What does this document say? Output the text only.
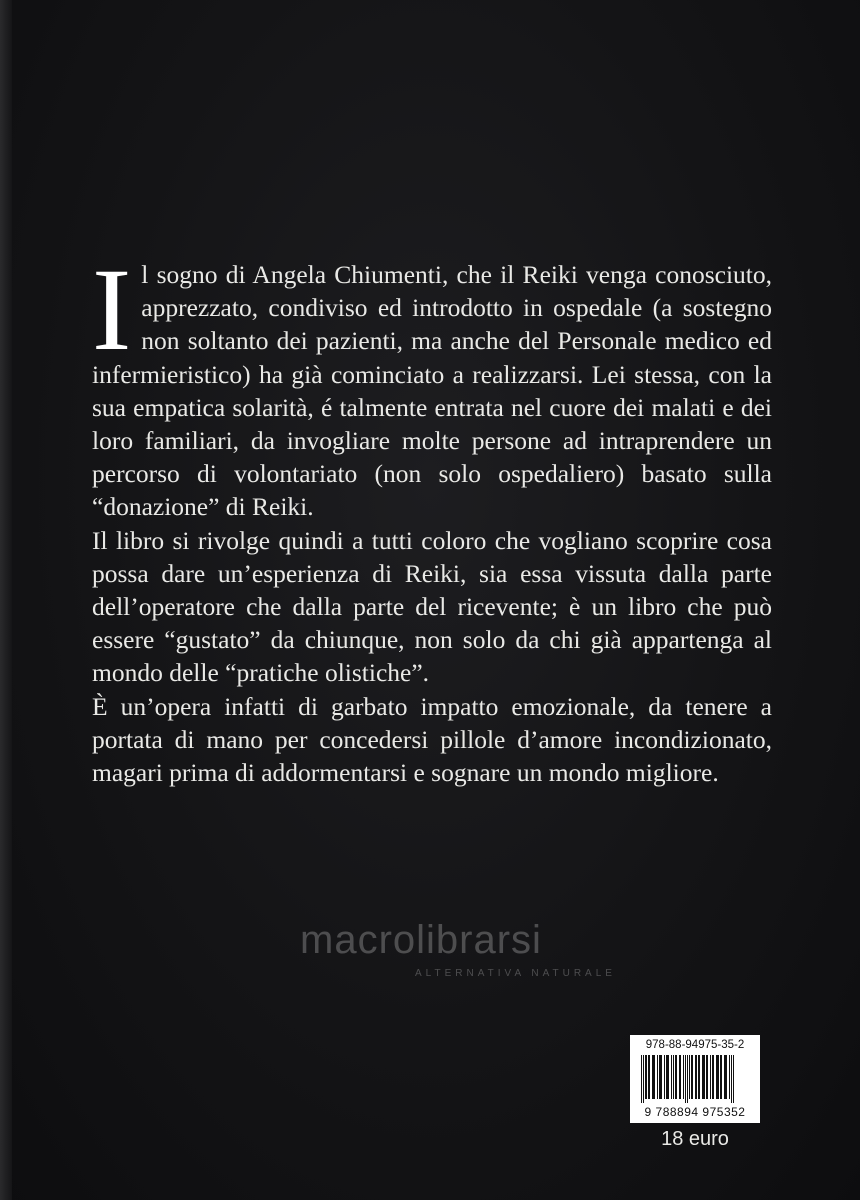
Il sogno di Angela Chiumenti, che il Reiki venga conosciuto, apprezzato, condiviso ed introdotto in ospedale (a sostegno non soltanto dei pazienti, ma anche del Personale medico ed infermieristico) ha già cominciato a realizzarsi. Lei stessa, con la sua empatica solarità, é talmente entrata nel cuore dei malati e dei loro familiari, da invogliare molte persone ad intraprendere un percorso di volontariato (non solo ospedaliero) basato sulla “donazione” di Reiki.

Il libro si rivolge quindi a tutti coloro che vogliano scoprire cosa possa dare un’esperienza di Reiki, sia essa vissuta dalla parte dell’operatore che dalla parte del ricevente; è un libro che può essere “gustato” da chiunque, non solo da chi già appartenga al mondo delle “pratiche olistiche”.

È un’opera infatti di garbato impatto emozionale, da tenere a portata di mano per concedersi pillole d’amore incondizionato, magari prima di addormentarsi e sognare un mondo migliore.

macrolibrarsi
ALTERNATIVA NATURALE
978-88-94975-35-2
9 788894 975352
18 euro
